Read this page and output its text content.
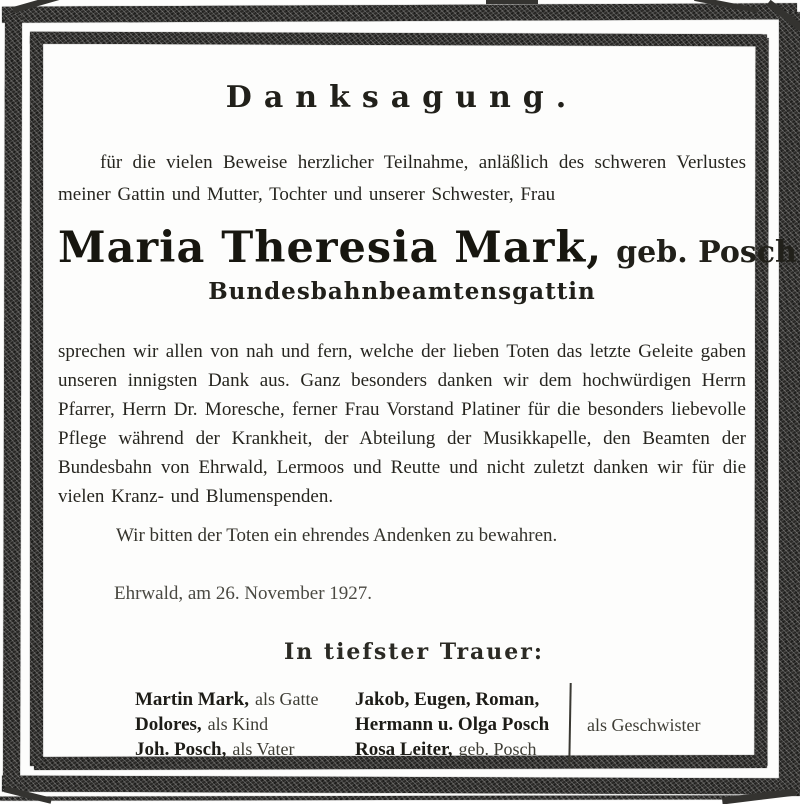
Danksagung.

für die vielen Beweise herzlicher Teilnahme, anläßlich des schweren Verlustes meiner Gattin und Mutter, Tochter und unserer Schwester, Frau

Maria Theresia Mark, geb. Posch
Bundesbahnbeamtensgattin

sprechen wir allen von nah und fern, welche der lieben Toten das letzte Geleite gaben unseren innigsten Dank aus. Ganz besonders danken wir dem hochwürdigen Herrn Pfarrer, Herrn Dr. Moresche, ferner Frau Vorstand Platiner für die besonders liebevolle Pflege während der Krankheit, der Abteilung der Musikkapelle, den Beamten der Bundesbahn von Ehrwald, Lermoos und Reutte und nicht zuletzt danken wir für die vielen Kranz- und Blumenspenden.

Wir bitten der Toten ein ehrendes Andenken zu bewahren.

Ehrwald, am 26. November 1927.

In tiefster Trauer:
Martin Mark, als Gatte
Dolores, als Kind
Joh. Posch, als Vater
Jakob, Eugen, Roman,
Hermann u. Olga Posch
Rosa Leiter, geb. Posch
als Geschwister
